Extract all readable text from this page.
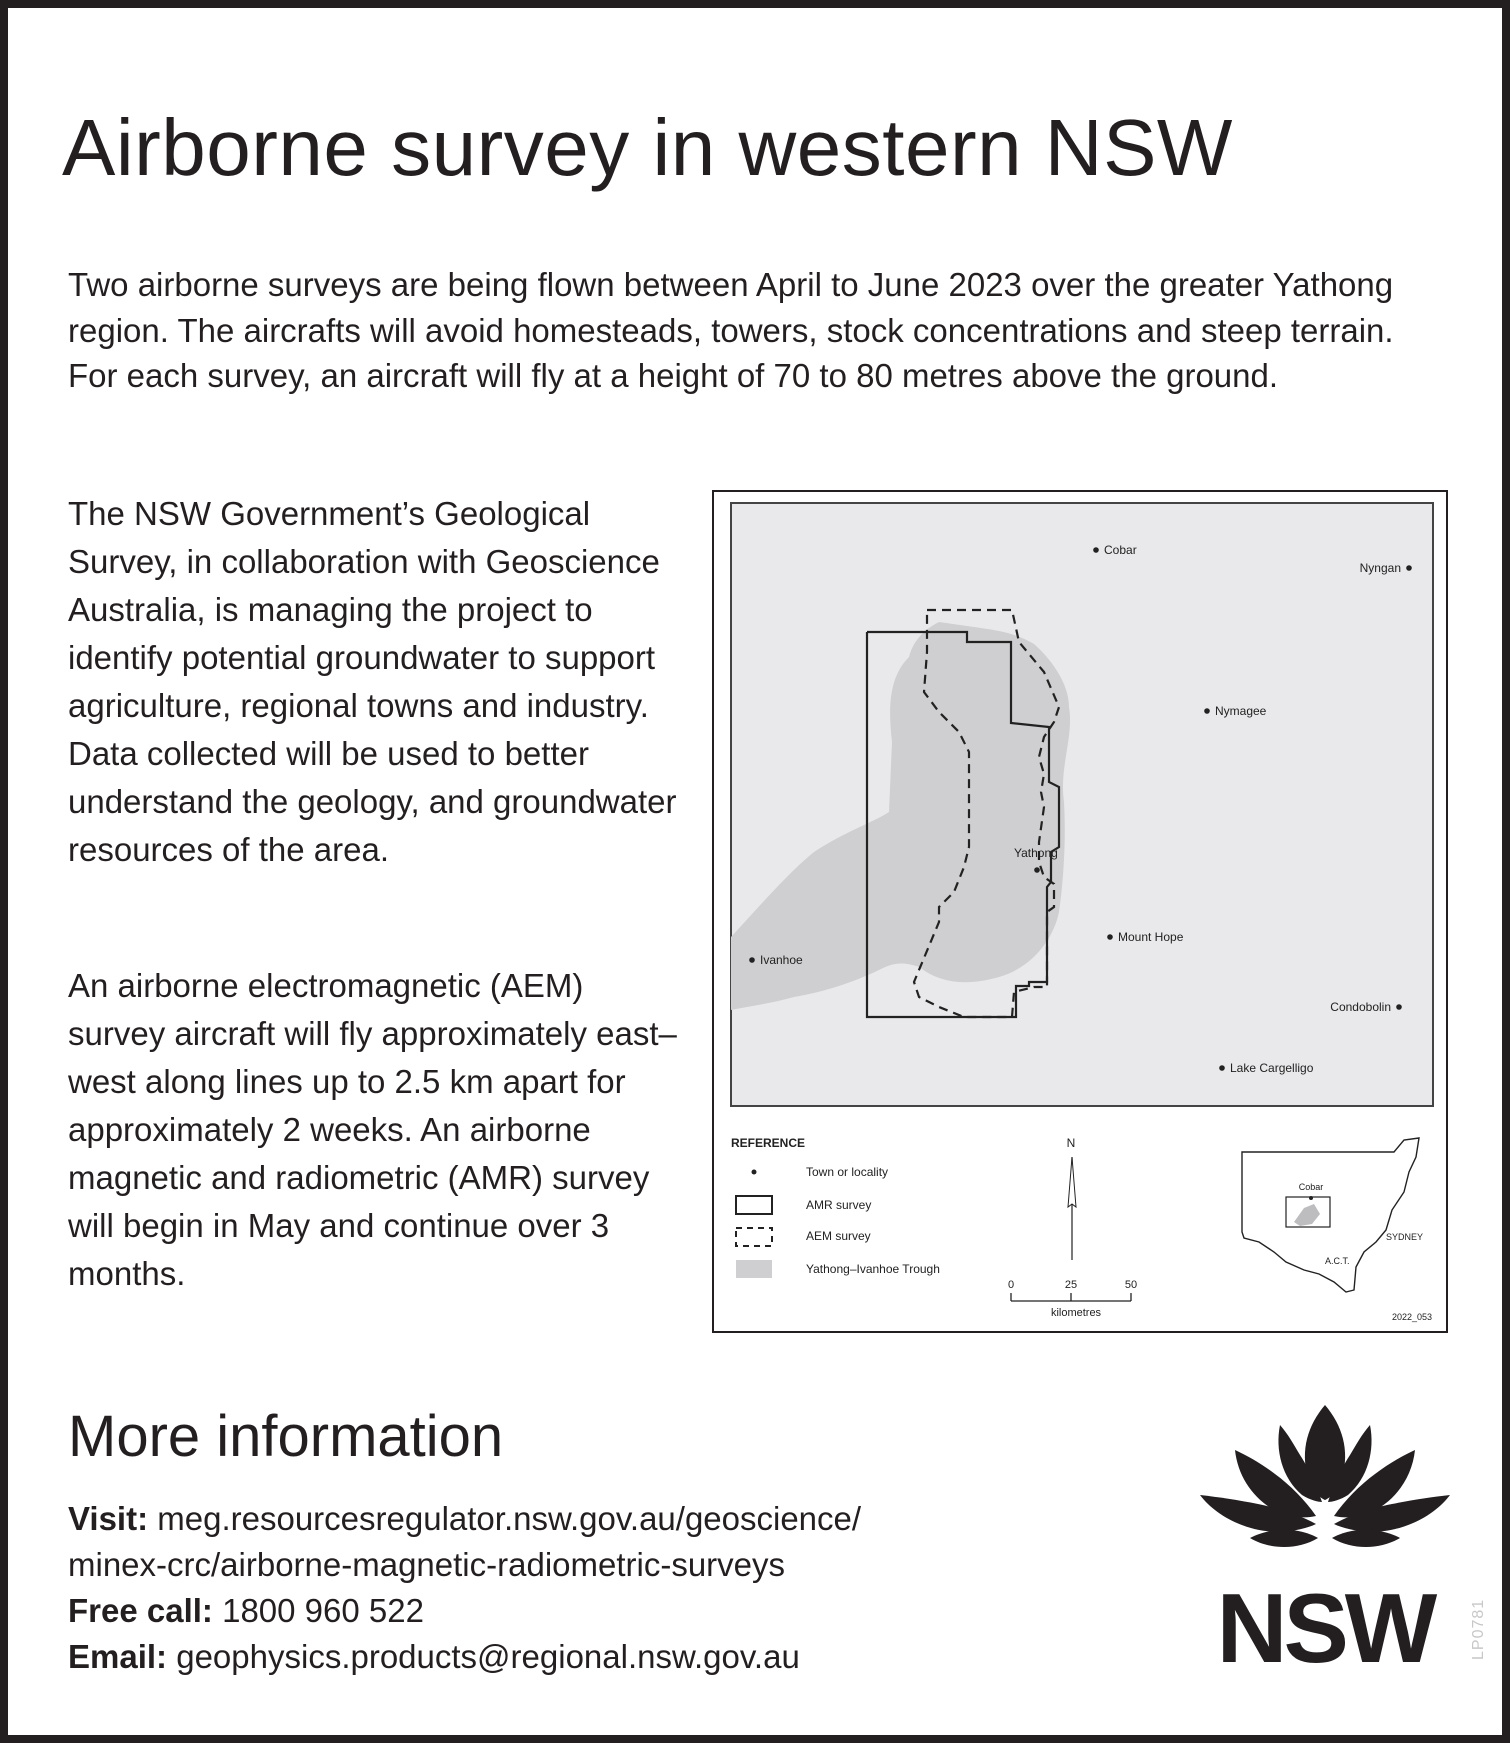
Airborne survey in western NSW

Two airborne surveys are being flown between April to June 2023 over the greater Yathong region. The aircrafts will avoid homesteads, towers, stock concentrations and steep terrain. For each survey, an aircraft will fly at a height of 70 to 80 metres above the ground.

The NSW Government’s Geological Survey, in collaboration with Geoscience Australia, is managing the project to identify potential groundwater to support agriculture, regional towns and industry. Data collected will be used to better understand the geology, and groundwater resources of the area.

An airborne electromagnetic (AEM) survey aircraft will fly approximately east–west along lines up to 2.5 km apart for approximately 2 weeks. An airborne magnetic and radiometric (AMR) survey will begin in May and continue over 3 months.

Cobar
Nyngan
Nymagee
Yathong
Mount Hope
Ivanhoe
Condobolin
Lake Cargelligo
REFERENCE
Town or locality
AMR survey
AEM survey
Yathong–Ivanhoe Trough
N
0	25	50
kilometres
Cobar
SYDNEY
A.C.T.
2022_053
More information
Visit: meg.resourcesregulator.nsw.gov.au/geoscience/
minex-crc/airborne-magnetic-radiometric-surveys
Free call: 1800 960 522
Email: geophysics.products@regional.nsw.gov.au	NSW LP0781
